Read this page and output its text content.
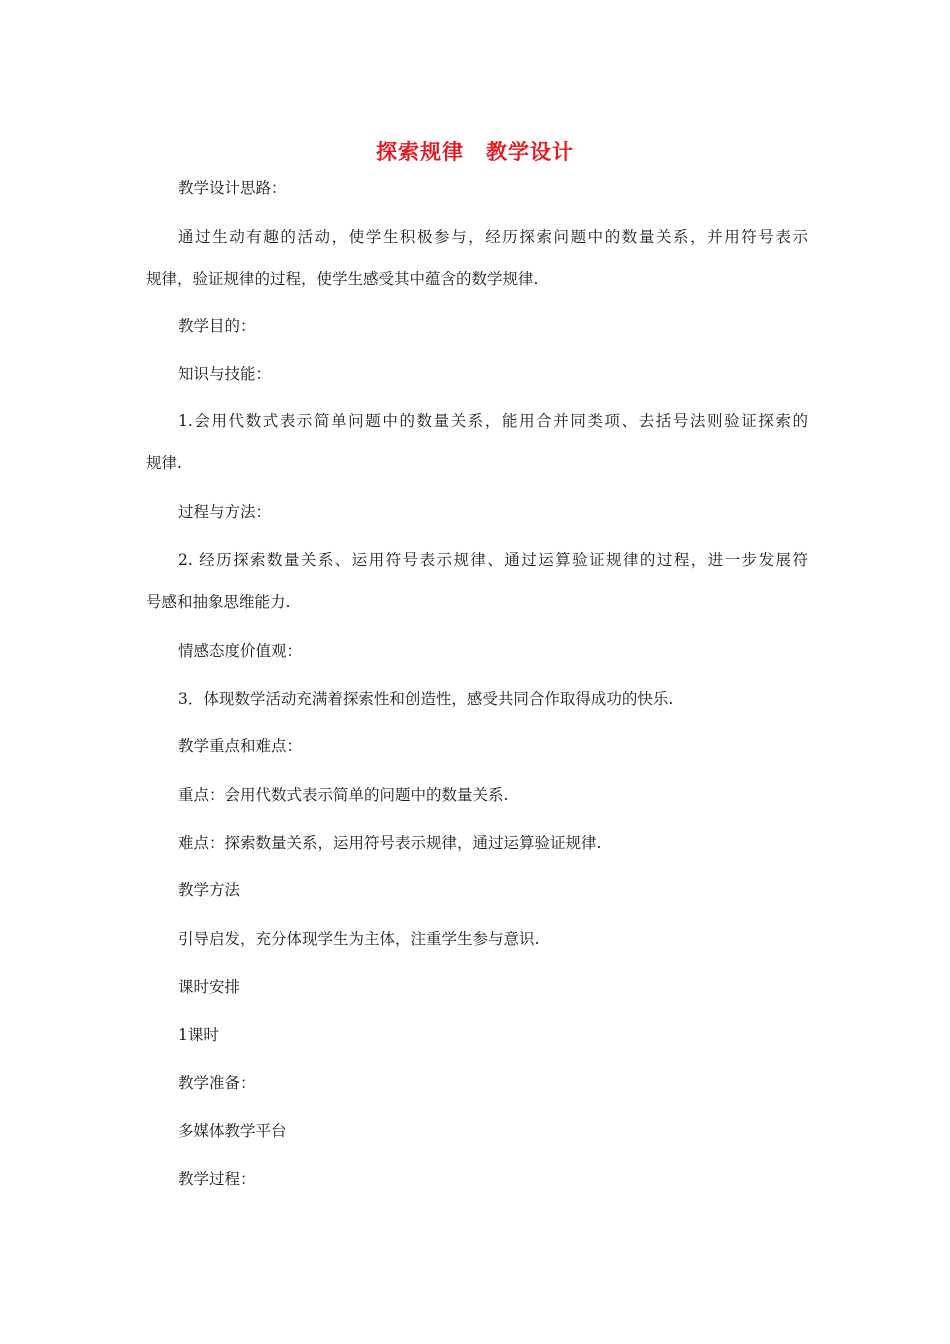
探索规律　教学设计
教学设计思路：
通过生动有趣的活动，使学生积极参与，经历探索问题中的数量关系，并用符号表示
规律，验证规律的过程，使学生感受其中蕴含的数学规律.
教学目的：
知识与技能：
1.会用代数式表示简单问题中的数量关系，能用合并同类项、去括号法则验证探索的
规律.
过程与方法：
2. 经历探索数量关系、运用符号表示规律、通过运算验证规律的过程，进一步发展符
号感和抽象思维能力.
情感态度价值观：
3．体现数学活动充满着探索性和创造性，感受共同合作取得成功的快乐.
教学重点和难点：
重点：会用代数式表示简单的问题中的数量关系.
难点：探索数量关系，运用符号表示规律，通过运算验证规律.
教学方法
引导启发，充分体现学生为主体，注重学生参与意识.
课时安排
1课时
教学准备：
多媒体教学平台
教学过程：
